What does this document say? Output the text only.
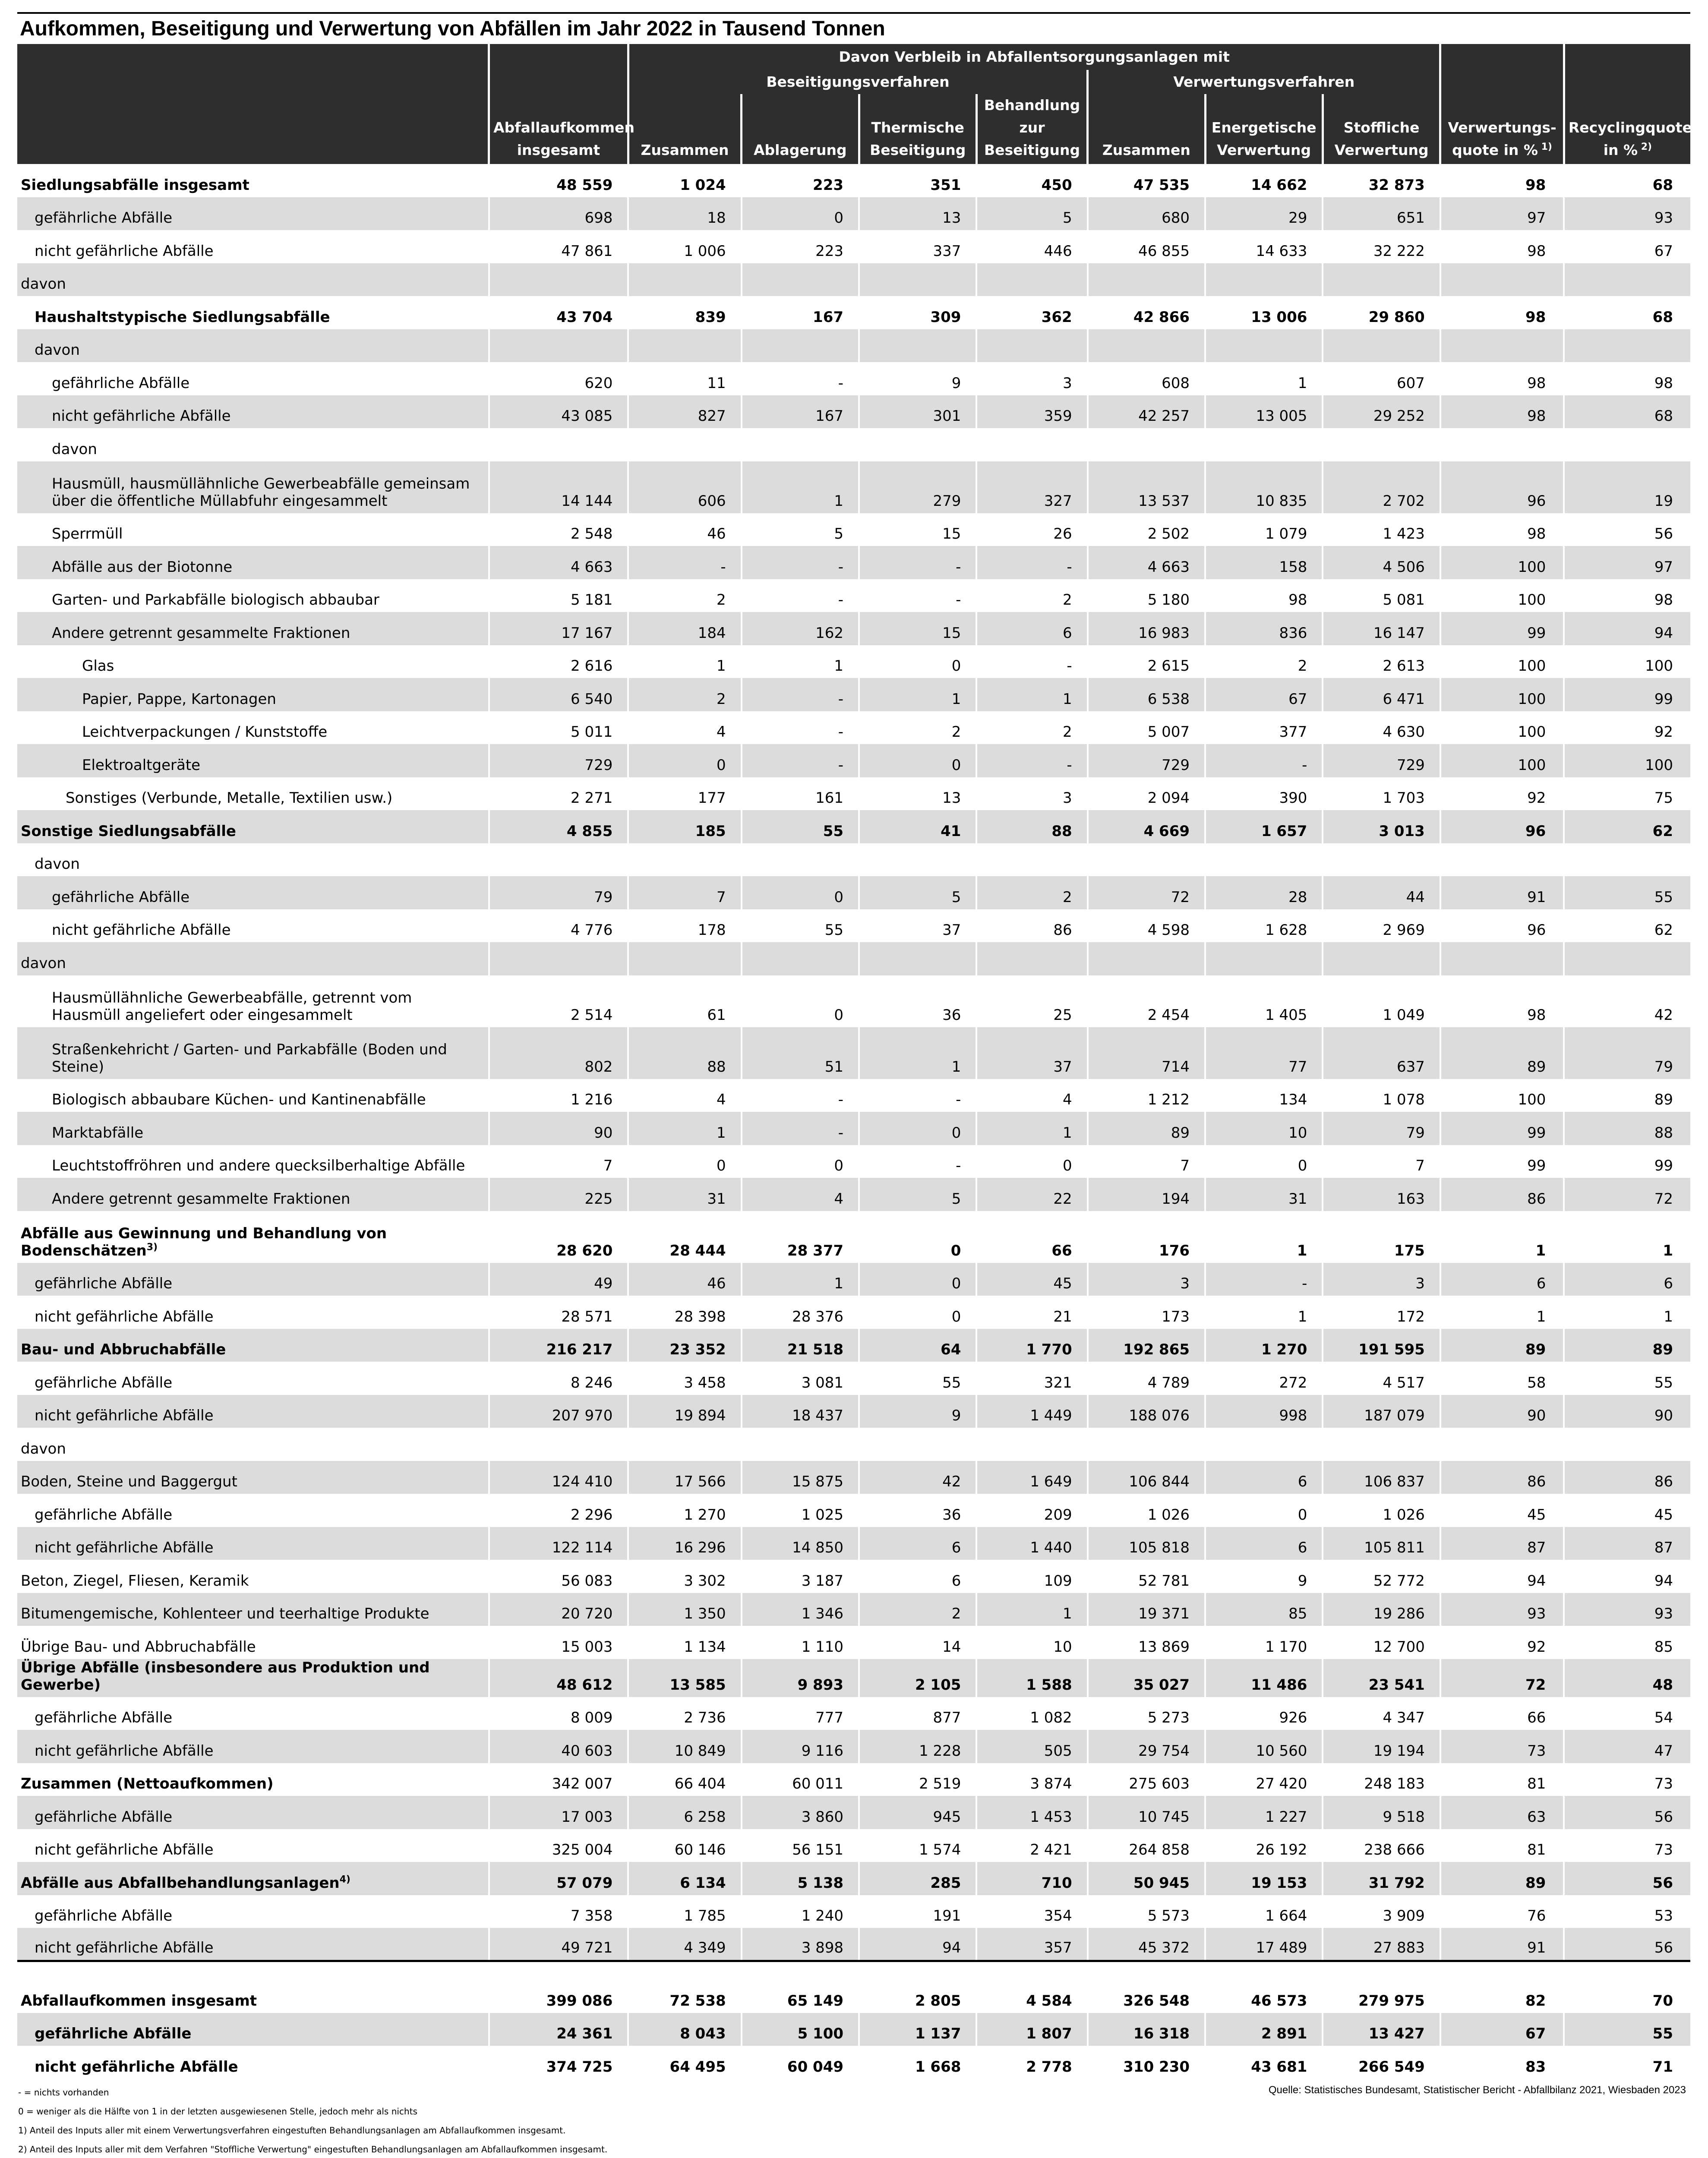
Aufkommen, Beseitigung und Verwertung von Abfällen im Jahr 2022 in Tausend Tonnen
	Abfallaufkommen insgesamt	Davon Verbleib in Abfallentsorgungsanlagen mit							Verwertungs- quote in % $^{1)}$	Recyclingquote in % $^{2)}$
		Beseitigungsverfahren				Verwertungsverfahren				
		Zusammen	Ablagerung	Thermische Beseitigung	Behandlung zur Beseitigung	Zusammen	Energetische Verwertung	Stoffliche Verwertung		
Siedlungsabfälle insgesamt	48 559	1 024	223	351	450	47 535	14 662	32 873	98	68
gefährliche Abfälle	698	18	0	13	5	680	29	651	97	93
nicht gefährliche Abfälle	47 861	1 006	223	337	446	46 855	14 633	32 222	98	67
davon										
Haushaltstypische Siedlungsabfälle	43 704	839	167	309	362	42 866	13 006	29 860	98	68
davon										
gefährliche Abfälle	620	11	-	9	3	608	1	607	98	98
nicht gefährliche Abfälle	43 085	827	167	301	359	42 257	13 005	29 252	98	68
davon										
Hausmüll, hausmüllähnliche Gewerbeabfälle gemeinsam über die öffentliche Müllabfuhr eingesammelt	14 144	606	1	279	327	13 537	10 835	2 702	96	19
Sperrmüll	2 548	46	5	15	26	2 502	1 079	1 423	98	56
Abfälle aus der Biotonne	4 663	-	-	-	-	4 663	158	4 506	100	97
Garten- und Parkabfälle biologisch abbaubar	5 181	2	-	-	2	5 180	98	5 081	100	98
Andere getrennt gesammelte Fraktionen	17 167	184	162	15	6	16 983	836	16 147	99	94
Glas	2 616	1	1	0	-	2 615	2	2 613	100	100
Papier, Pappe, Kartonagen	6 540	2	-	1	1	6 538	67	6 471	100	99
Leichtverpackungen / Kunststoffe	5 011	4	-	2	2	5 007	377	4 630	100	92
Elektroaltgeräte	729	0	-	0	-	729	-	729	100	100
Sonstiges (Verbunde, Metalle, Textilien usw.)	2 271	177	161	13	3	2 094	390	1 703	92	75
Sonstige Siedlungsabfälle	4 855	185	55	41	88	4 669	1 657	3 013	96	62
davon										
gefährliche Abfälle	79	7	0	5	2	72	28	44	91	55
nicht gefährliche Abfälle	4 776	178	55	37	86	4 598	1 628	2 969	96	62
davon										
Hausmüllähnliche Gewerbeabfälle, getrennt vom Hausmüll angeliefert oder eingesammelt	2 514	61	0	36	25	2 454	1 405	1 049	98	42
Straßenkehricht / Garten- und Parkabfälle (Boden und Steine)	802	88	51	1	37	714	77	637	89	79
Biologisch abbaubare Küchen- und Kantinenabfälle	1 216	4	-	-	4	1 212	134	1 078	100	89
Marktabfälle	90	1	-	0	1	89	10	79	99	88
Leuchtstoffröhren und andere quecksilberhaltige Abfälle	7	0	0	-	0	7	0	7	99	99
Andere getrennt gesammelte Fraktionen	225	31	4	5	22	194	31	163	86	72
Abfälle aus Gewinnung und Behandlung von Bodenschätzen$^{3)}$	28 620	28 444	28 377	0	66	176	1	175	1	1
gefährliche Abfälle	49	46	1	0	45	3	-	3	6	6
nicht gefährliche Abfälle	28 571	28 398	28 376	0	21	173	1	172	1	1
Bau- und Abbruchabfälle	216 217	23 352	21 518	64	1 770	192 865	1 270	191 595	89	89
gefährliche Abfälle	8 246	3 458	3 081	55	321	4 789	272	4 517	58	55
nicht gefährliche Abfälle	207 970	19 894	18 437	9	1 449	188 076	998	187 079	90	90
davon										
Boden, Steine und Baggergut	124 410	17 566	15 875	42	1 649	106 844	6	106 837	86	86
gefährliche Abfälle	2 296	1 270	1 025	36	209	1 026	0	1 026	45	45
nicht gefährliche Abfälle	122 114	16 296	14 850	6	1 440	105 818	6	105 811	87	87
Beton, Ziegel, Fliesen, Keramik	56 083	3 302	3 187	6	109	52 781	9	52 772	94	94
Bitumengemische, Kohlenteer und teerhaltige Produkte	20 720	1 350	1 346	2	1	19 371	85	19 286	93	93
Übrige Bau- und Abbruchabfälle	15 003	1 134	1 110	14	10	13 869	1 170	12 700	92	85
Übrige Abfälle (insbesondere aus Produktion und Gewerbe)	48 612	13 585	9 893	2 105	1 588	35 027	11 486	23 541	72	48
gefährliche Abfälle	8 009	2 736	777	877	1 082	5 273	926	4 347	66	54
nicht gefährliche Abfälle	40 603	10 849	9 116	1 228	505	29 754	10 560	19 194	73	47
Zusammen (Nettoaufkommen)	342 007	66 404	60 011	2 519	3 874	275 603	27 420	248 183	81	73
gefährliche Abfälle	17 003	6 258	3 860	945	1 453	10 745	1 227	9 518	63	56
nicht gefährliche Abfälle	325 004	60 146	56 151	1 574	2 421	264 858	26 192	238 666	81	73
Abfälle aus Abfallbehandlungsanlagen$^{4)}$	57 079	6 134	5 138	285	710	50 945	19 153	31 792	89	56
gefährliche Abfälle	7 358	1 785	1 240	191	354	5 573	1 664	3 909	76	53
nicht gefährliche Abfälle	49 721	4 349	3 898	94	357	45 372	17 489	27 883	91	56
Abfallaufkommen insgesamt	399 086	72 538	65 149	2 805	4 584	326 548	46 573	279 975	82	70
gefährliche Abfälle	24 361	8 043	5 100	1 137	1 807	16 318	2 891	13 427	67	55
nicht gefährliche Abfälle	374 725	64 495	60 049	1 668	2 778	310 230	43 681	266 549	83	71
Quelle: Statistisches Bundesamt, Statistischer Bericht - Abfallbilanz 2021, Wiesbaden 2023
- = nichts vorhanden
0 = weniger als die Hälfte von 1 in der letzten ausgewiesenen Stelle, jedoch mehr als nichts
1) Anteil des Inputs aller mit einem Verwertungsverfahren eingestuften Behandlungsanlagen am Abfallaufkommen insgesamt.
2) Anteil des Inputs aller mit dem Verfahren "Stoffliche Verwertung" eingestuften Behandlungsanlagen am Abfallaufkommen insgesamt.
